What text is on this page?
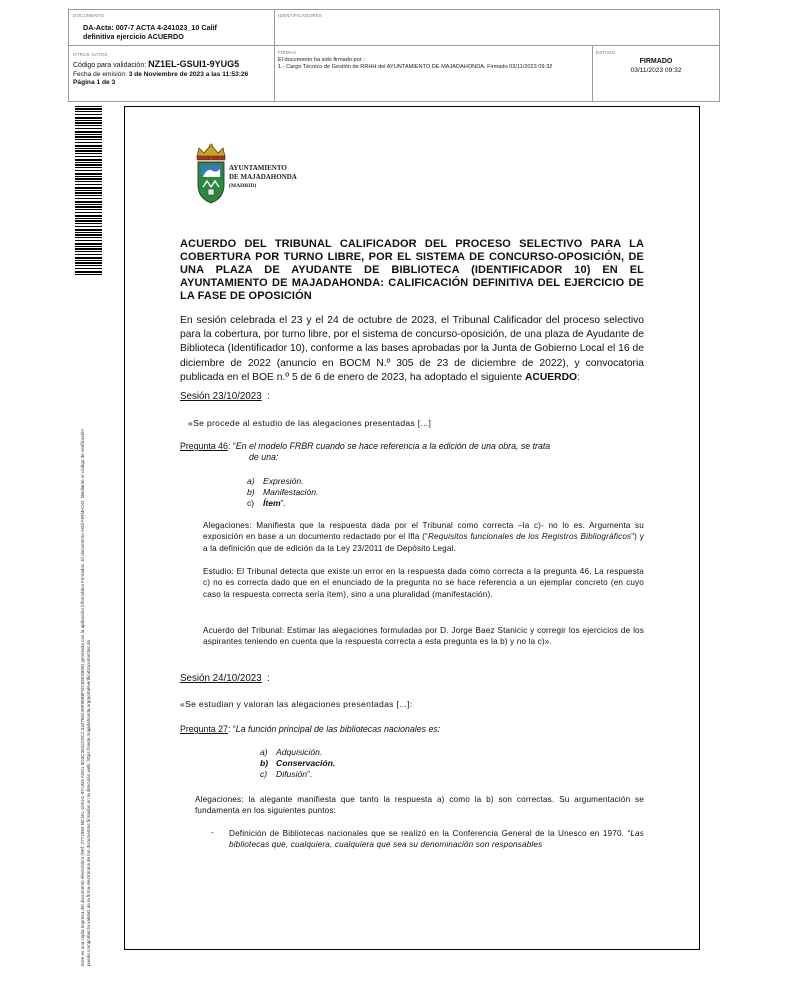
DOCUMENTO
DA-Acta: 007-7 ACTA 4-241023_10 Calif
definitiva ejercicio ACUERDO
IDENTIFICADORES
OTROS DATOS
Código para validación: NZ1EL-GSUI1-9YUG5
Fecha de emisión: 3 de Noviembre de 2023 a las 11:53:26
Página 1 de 3
FIRMAS
El documento ha sido firmado por :
1.- Cargo Técnico de Gestión de RRHH del AYUNTAMIENTO DE MAJADAHONDA. Firmado 03/11/2023 09:32
ESTADO
FIRMADO
03/11/2023 09:32
Este es una copia impresa del documento electrónico (Ref: 2771984 NZ1EL-GSUI1-9YUG5 A0D1 0D3C3042C0C2 344786249F95B8FDC85E2B05) generada con la aplicación informática Firmadoc. El documento está FIRMADO. Mediante el código de verificación puede comprobar la validez de la firma electrónica de los documentos firmados en la dirección web: https://sede.majadahonda.org/portal/verificaDocumentos.do
AYUNTAMIENTO
DE MAJADAHONDA
(MADRID)

ACUERDO DEL TRIBUNAL CALIFICADOR DEL PROCESO SELECTIVO PARA LA COBERTURA POR TURNO LIBRE, POR EL SISTEMA DE CONCURSO-OPOSICIÓN, DE UNA PLAZA DE AYUDANTE DE BIBLIOTECA (IDENTIFICADOR 10) EN EL AYUNTAMIENTO DE MAJADAHONDA: CALIFICACIÓN DEFINITIVA DEL EJERCICIO DE LA FASE DE OPOSICIÓN

En sesión celebrada el 23 y el 24 de octubre de 2023, el Tribunal Calificador del proceso selectivo para la cobertura, por turno libre, por el sistema de concurso-oposición, de una plaza de Ayudante de Biblioteca (Identificador 10), conforme a las bases aprobadas por la Junta de Gobierno Local el 16 de diciembre de 2022 (anuncio en BOCM N.º 305 de 23 de diciembre de 2022), y convocatoria publicada en el BOE n.º 5 de 6 de enero de 2023, ha adoptado el siguiente ACUERDO:

Sesión 23/10/2023 :
«Se procede al estudio de las alegaciones presentadas [...]
Pregunta 46: “En el modelo FRBR cuando se hace referencia a la edición de una obra, se trata
de una:
a) Expresión.
b) Manifestación.
c) Ítem”.

Alegaciones: Manifiesta que la respuesta dada por el Tribunal como correcta –la c)- no lo es. Argumenta su exposición en base a un documento redactado por el Ifla (“Requisitos funcionales de los Registros Bibliográficos”) y a la definición que de edición da la Ley 23/2011 de Depósito Legal.

Estudio: El Tribunal detecta que existe un error en la respuesta dada como correcta a la pregunta 46. La respuesta c) no es correcta dado que en el enunciado de la pregunta no se hace referencia a un ejemplar concreto (en cuyo caso la respuesta correcta sería ítem), sino a una pluralidad (manifestación).

Acuerdo del Tribunal: Estimar las alegaciones formuladas por D. Jorge Baez Stanicic y corregir los ejercicios de los aspirantes teniendo en cuenta que la respuesta correcta a esta pregunta es la b) y no la c)».

Sesión 24/10/2023 :
«Se estudian y valoran las alegaciones presentadas [...]:
Pregunta 27: “La función principal de las bibliotecas nacionales es:
a) Adquisición.
b) Conservación.
c) Difusión”.

Alegaciones: la alegante manifiesta que tanto la respuesta a) como la b) son correctas. Su argumentación se fundamenta en los siguientes puntos:

- Definición de Bibliotecas nacionales que se realizó en la Conferencia General de la Unesco en 1970. “Las bibliotecas que, cualquiera, cualquiera que sea su denominación son responsables
